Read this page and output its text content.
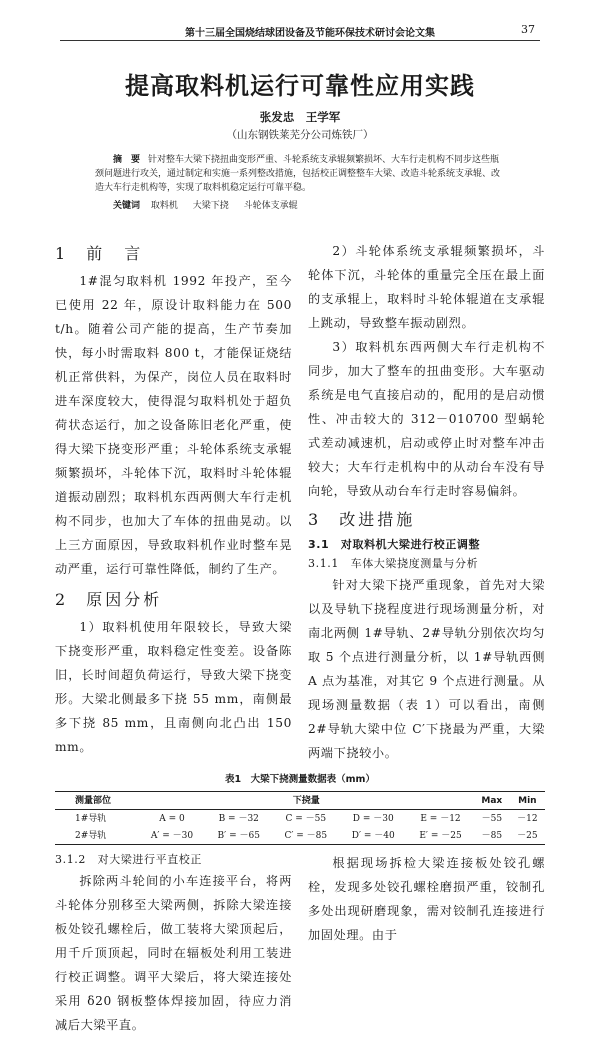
第十三届全国烧结球团设备及节能环保技术研讨会论文集	37
提高取料机运行可靠性应用实践
张发忠　王学军
（山东钢铁莱芜分公司炼铁厂）
摘　要 针对整车大梁下挠扭曲变形严重、斗轮系统支承辊频繁损坏、大车行走机构不同步这些瓶颈问题进行攻关，通过制定和实施一系列整改措施，包括校正调整整车大梁、改造斗轮系统支承辊、改造大车行走机构等，实现了取料机稳定运行可靠平稳。
关键词 取料机 大梁下挠 斗轮体支承辊
1 前　言

1#混匀取料机 1992 年投产，至今已使用 22 年，原设计取料能力在 500 t/h。随着公司产能的提高，生产节奏加快，每小时需取料 800 t，才能保证烧结机正常供料，为保产，岗位人员在取料时进车深度较大，使得混匀取料机处于超负荷状态运行，加之设备陈旧老化严重，使得大梁下挠变形严重；斗轮体系统支承辊频繁损坏，斗轮体下沉，取料时斗轮体辊道振动剧烈；取料机东西两侧大车行走机构不同步，也加大了车体的扭曲晃动。以上三方面原因，导致取料机作业时整车晃动严重，运行可靠性降低，制约了生产。

2 原因分析

1）取料机使用年限较长，导致大梁下挠变形严重，取料稳定性变差。设备陈旧，长时间超负荷运行，导致大梁下挠变形。大梁北侧最多下挠 55 mm，南侧最多下挠 85 mm，且南侧向北凸出 150 mm。

2）斗轮体系统支承辊频繁损坏，斗轮体下沉，斗轮体的重量完全压在最上面的支承辊上，取料时斗轮体辊道在支承辊上跳动，导致整车振动剧烈。

3）取料机东西两侧大车行走机构不同步，加大了整车的扭曲变形。大车驱动系统是电气直接启动的，配用的是启动惯性、冲击较大的 312－010700 型蜗轮式差动减速机，启动或停止时对整车冲击较大；大车行走机构中的从动台车没有导向轮，导致从动台车行走时容易偏斜。

3 改进措施
3.1　对取料机大梁进行校正调整
3.1.1　车体大梁挠度测量与分析

针对大梁下挠严重现象，首先对大梁以及导轨下挠程度进行现场测量分析，对南北两侧 1#导轨、2#导轨分别依次均匀取 5 个点进行测量分析，以 1#导轨西侧 A 点为基准，对其它 9 个点进行测量。从现场测量数据（表 1）可以看出，南侧 2#导轨大梁中位 C′下挠最为严重，大梁两端下挠较小。

表1　大梁下挠测量数据表（mm）
测量部位	下挠量					Max	Min
1#导轨	A = 0	B = －32	C = －55	D = －30	E = －12	－55	－12
2#导轨	A′ = －30	B′ = －65	C′ = －85	D′ = －40	E′ = －25	－85	－25
3.1.2　对大梁进行平直校正

拆除两斗轮间的小车连接平台，将两斗轮体分别移至大梁两侧，拆除大梁连接板处铰孔螺栓后，做工装将大梁顶起后，用千斤顶顶起，同时在辐板处利用工装进行校正调整。调平大梁后，将大梁连接处采用 δ20 钢板整体焊接加固，待应力消减后大梁平直。

根据现场拆检大梁连接板处铰孔螺栓，发现多处铰孔螺栓磨损严重，铰制孔多处出现研磨现象，需对铰制孔连接进行加固处理。由于
